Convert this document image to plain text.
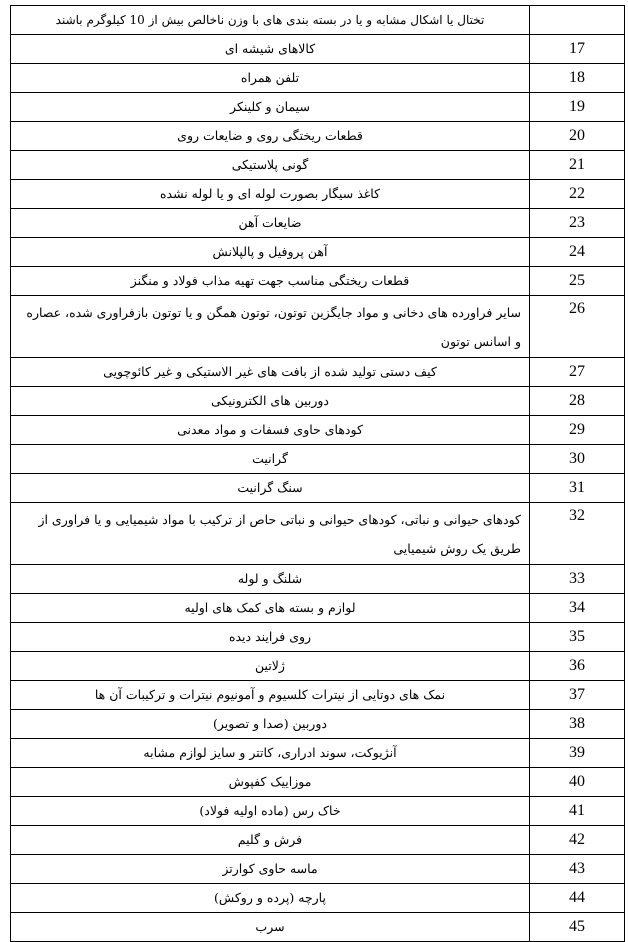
تختال یا اشکال مشابه و یا در بسته بندی های با وزن ناخالص بیش از 10 کیلوگرم باشند	
کالاهای شیشه ای	17
تلفن همراه	18
سیمان و کلینکر	19
قطعات ریختگی روی و ضایعات روی	20
گونی پلاستیکی	21
کاغذ سیگار بصورت لوله ای و یا لوله نشده	22
ضایعات آهن	23
آهن پروفیل و پالپلانش	24
قطعات ریختگی مناسب جهت تهیه مذاب فولاد و منگنز	25
سایر فراورده های دخانی و مواد جایگزین توتون، توتون همگن و یا توتون بازفراوری شده، عصاره و اسانس توتون	26
کیف دستی تولید شده از بافت های غیر الاستیکی و غیر کائوچویی	27
دوربین های الکترونیکی	28
کودهای حاوی فسفات و مواد معدنی	29
گرانیت	30
سنگ گرانیت	31
کودهای حیوانی و نباتی، کودهای حیوانی و نباتی حاص از ترکیب با مواد شیمیایی و یا فراوری از طریق یک روش شیمیایی	32
شلنگ و لوله	33
لوازم و بسته های کمک های اولیه	34
روی فرایند دیده	35
ژلاتین	36
نمک های دوتایی از نیترات کلسیوم و آمونیوم نیترات و ترکیبات آن ها	37
دوربین (صدا و تصویر)	38
آنژیوکت، سوند ادراری، کاتتر و سایز لوازم مشابه	39
موزاییک کفپوش	40
خاک رس (ماده اولیه فولاد)	41
فرش و گلیم	42
ماسه حاوی کوارتز	43
پارچه (پرده و روکش)	44
سرب	45
